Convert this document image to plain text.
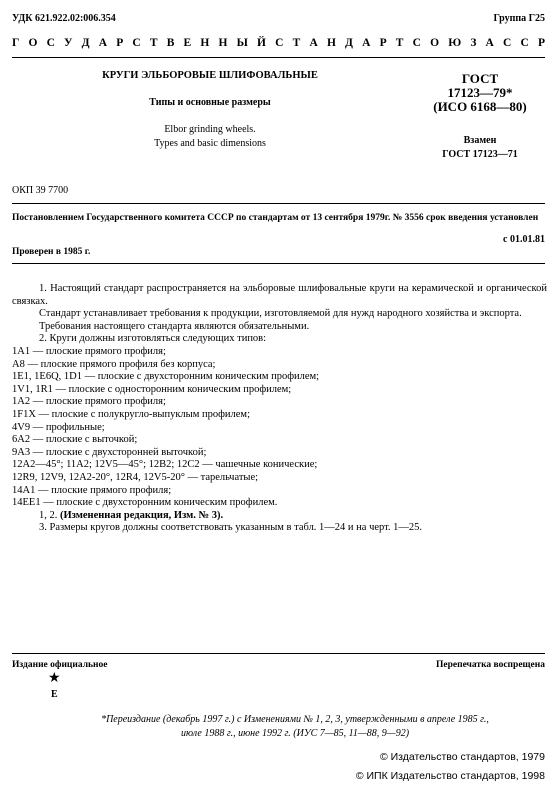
УДК 621.922.02:006.354	Группа Г25
Г О С У Д А Р С Т В Е Н Н Ы Й С Т А Н Д А Р Т С О Ю З А С С Р
КРУГИ ЭЛЬБОРОВЫЕ ШЛИФОВАЛЬНЫЕ
Типы и основные размеры
Elbor grinding wheels.
Types and basic dimensions
ГОСТ
17123—79*
(ИСО 6168—80)
Взамен
ГОСТ 17123—71
ОКП 39 7700
Постановлением Государственного комитета СССР по стандартам от 13 сентября 1979г. № 3556 срок введения установлен
с 01.01.81
Проверен в 1985 г.
1. Настоящий стандарт распространяется на эльборовые шлифовальные круги на керамической и органической связках.
Стандарт устанавливает требования к продукции, изготовляемой для нужд народного хозяйства и экспорта.
Требования настоящего стандарта являются обязательными.
2. Круги должны изготовляться следующих типов:
1А1 — плоские прямого профиля;
А8 — плоские прямого профиля без корпуса;
1Е1, 1Е6Q, 1D1 — плоские с двухсторонним коническим профилем;
1V1, 1R1 — плоские с односторонним коническим профилем;
1А2 — плоские прямого профиля;
1F1X — плоские с полукругло-выпуклым профилем;
4V9 — профильные;
6А2 — плоские с выточкой;
9А3 — плоские с двухсторонней выточкой;
12А2—45°; 11А2; 12V5—45°; 12В2; 12С2 — чашечные конические;
12R9, 12V9, 12А2-20°, 12R4, 12V5-20° — тарельчатые;
14А1 — плоские прямого профиля;
14ЕЕ1 — плоские с двухсторонним коническим профилем.
1, 2. (Измененная редакция, Изм. № 3).
3. Размеры кругов должны соответствовать указанным в табл. 1—24 и на черт. 1—25.
Издание официальное	Перепечатка воспрещена
★
Е
*Переиздание (декабрь 1997 г.) с Изменениями № 1, 2, 3, утвержденными в апреле 1985 г.,
июле 1988 г., июне 1992 г. (ИУС 7—85, 11—88, 9—92)
© Издательство стандартов, 1979
© ИПК Издательство стандартов, 1998
